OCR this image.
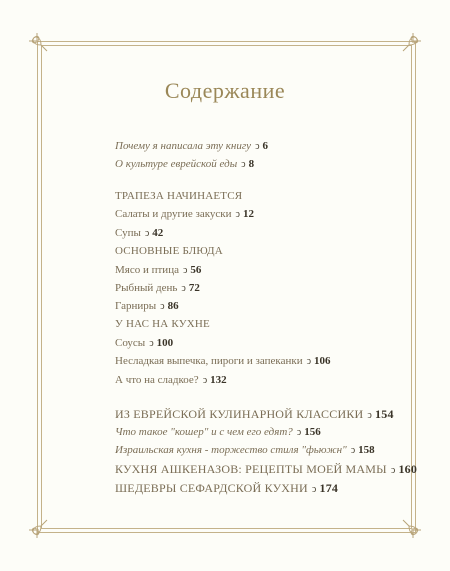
Содержание
Почему я написала эту книгу ↄ 6
О культуре еврейской еды ↄ 8
ТРАПЕЗА НАЧИНАЕТСЯ
Салаты и другие закуски ↄ 12
Супы ↄ 42
ОСНОВНЫЕ БЛЮДА
Мясо и птица ↄ 56
Рыбный день ↄ 72
Гарниры ↄ 86
У НАС НА КУХНЕ
Соусы ↄ 100
Несладкая выпечка, пироги и запеканки ↄ 106
А что на сладкое? ↄ 132
ИЗ ЕВРЕЙСКОЙ КУЛИНАРНОЙ КЛАССИКИ ↄ 154
Что такое "кошер" и с чем его едят? ↄ 156
Израильская кухня - торжество стиля "фьюжн" ↄ 158
КУХНЯ АШКЕНАЗОВ: РЕЦЕПТЫ МОЕЙ МАМЫ ↄ 160
ШЕДЕВРЫ СЕФАРДСКОЙ КУХНИ ↄ 174
